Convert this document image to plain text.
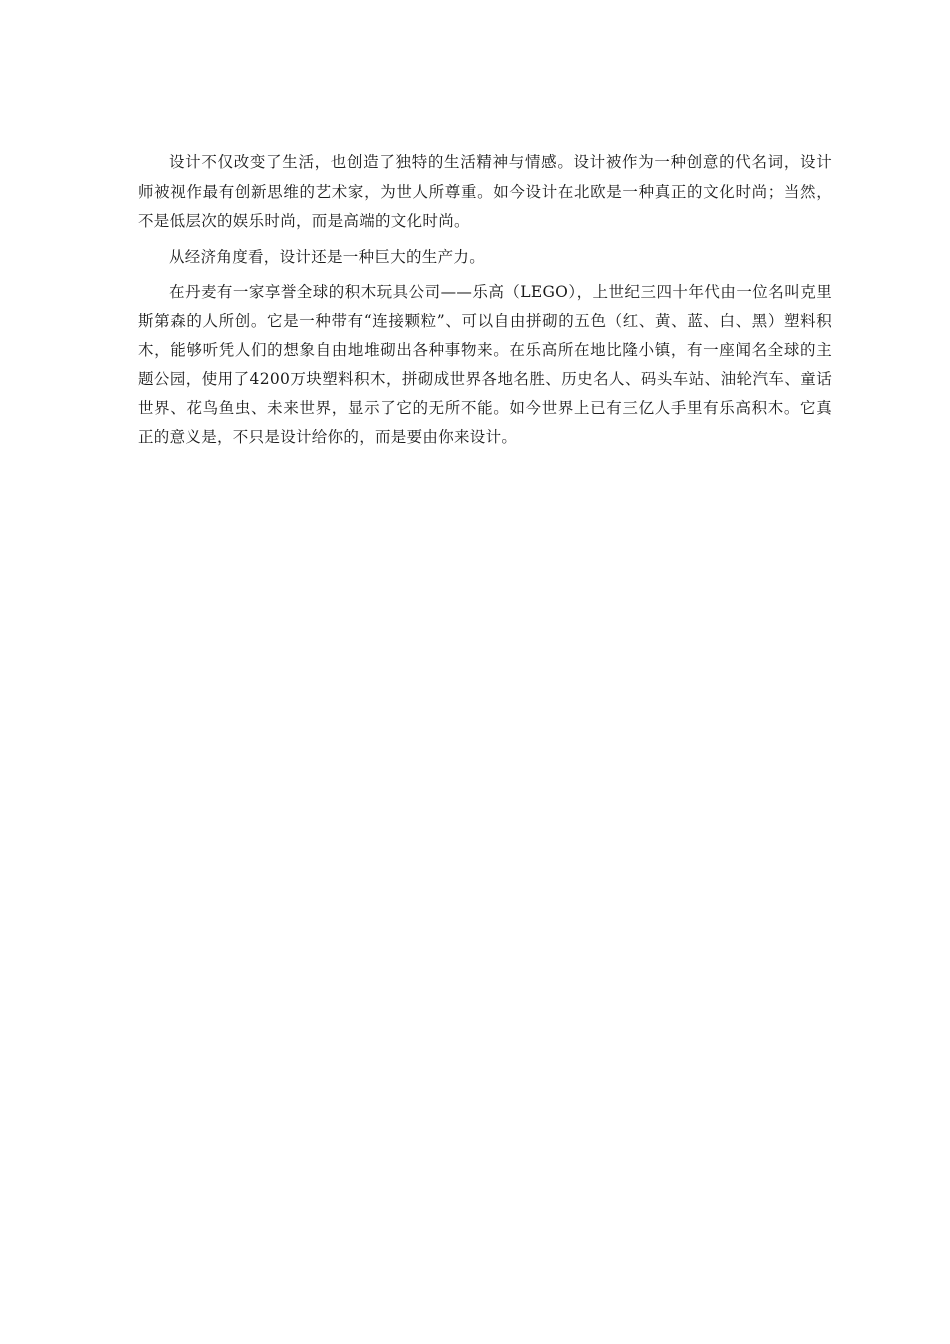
设计不仅改变了生活，也创造了独特的生活精神与情感。设计被作为一种创意的代名词，设计师被视作最有创新思维的艺术家，为世人所尊重。如今设计在北欧是一种真正的文化时尚；当然，不是低层次的娱乐时尚，而是高端的文化时尚。

从经济角度看，设计还是一种巨大的生产力。

在丹麦有一家享誉全球的积木玩具公司——乐高（LEGO），上世纪三四十年代由一位名叫克里斯第森的人所创。它是一种带有“连接颗粒”、可以自由拼砌的五色（红、黄、蓝、白、黑）塑料积木，能够听凭人们的想象自由地堆砌出各种事物来。在乐高所在地比隆小镇，有一座闻名全球的主题公园，使用了4200万块塑料积木，拼砌成世界各地名胜、历史名人、码头车站、油轮汽车、童话世界、花鸟鱼虫、未来世界，显示了它的无所不能。如今世界上已有三亿人手里有乐高积木。它真正的意义是，不只是设计给你的，而是要由你来设计。
